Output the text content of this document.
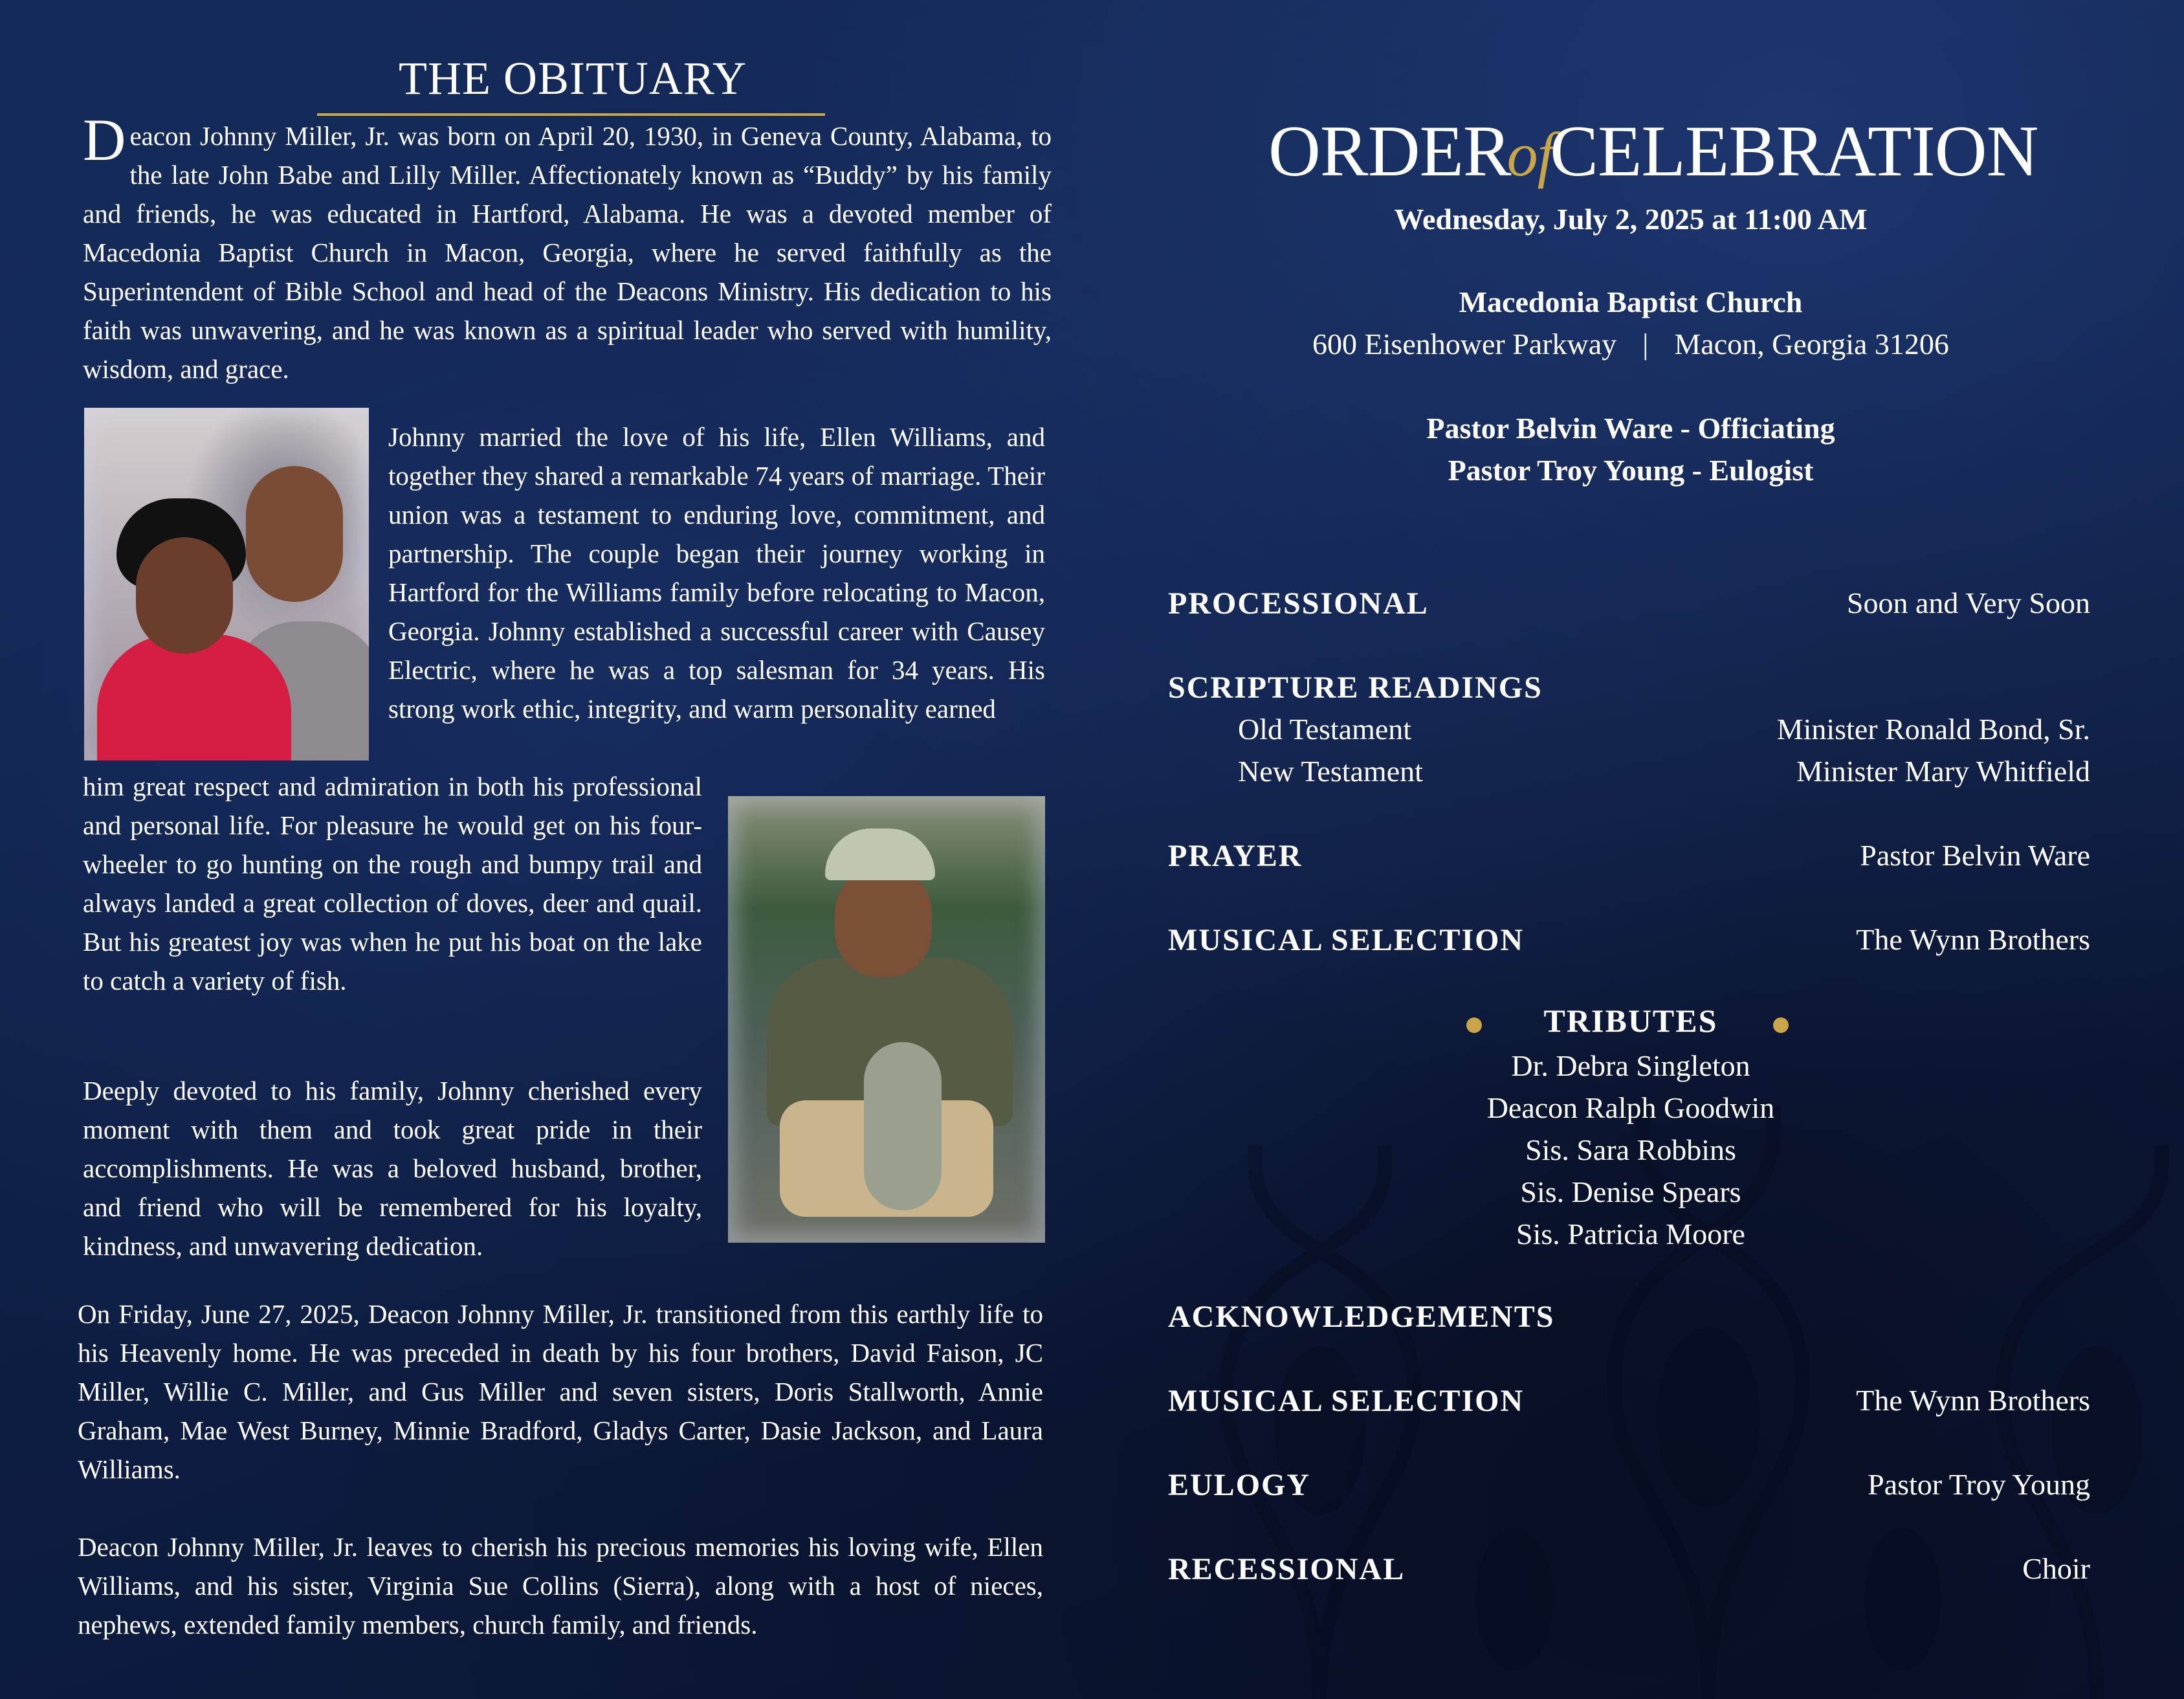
THE OBITUARY

Deacon Johnny Miller, Jr. was born on April 20, 1930, in Geneva County, Alabama, to the late John Babe and Lilly Miller. Affectionately known as “Buddy” by his family and friends, he was educated in Hartford, Alabama. He was a devoted member of Macedonia Baptist Church in Macon, Georgia, where he served faithfully as the Superintendent of Bible School and head of the Deacons Ministry. His dedication to his faith was unwavering, and he was known as a spiritual leader who served with humility, wisdom, and grace.

Johnny married the love of his life, Ellen Williams, and together they shared a remarkable 74 years of marriage. Their union was a testament to enduring love, commitment, and partnership. The couple began their journey working in Hartford for the Williams family before relocating to Macon, Georgia. Johnny established a successful career with Causey Electric, where he was a top salesman for 34 years. His strong work ethic, integrity, and warm personality earned

him great respect and admiration in both his professional and personal life. For pleasure he would get on his four-wheeler to go hunting on the rough and bumpy trail and always landed a great collection of doves, deer and quail. But his greatest joy was when he put his boat on the lake to catch a variety of fish.

Deeply devoted to his family, Johnny cherished every moment with them and took great pride in their accomplishments. He was a beloved husband, brother, and friend who will be remembered for his loyalty, kindness, and unwavering dedication.

On Friday, June 27, 2025, Deacon Johnny Miller, Jr. transitioned from this earthly life to his Heavenly home. He was preceded in death by his four brothers, David Faison, JC Miller, Willie C. Miller, and Gus Miller and seven sisters, Doris Stallworth, Annie Graham, Mae West Burney, Minnie Bradford, Gladys Carter, Dasie Jackson, and Laura Williams.

Deacon Johnny Miller, Jr. leaves to cherish his precious memories his loving wife, Ellen Williams, and his sister, Virginia Sue Collins (Sierra), along with a host of nieces, nephews, extended family members, church family, and friends.

ORDERofCELEBRATION
Wednesday, July 2, 2025 at 11:00 AM
Macedonia Baptist Church
600 Eisenhower Parkway | Macon, Georgia 31206
Pastor Belvin Ware - Officiating
Pastor Troy Young - Eulogist
PROCESSIONAL	Soon and Very Soon
SCRIPTURE READINGS
Old Testament	Minister Ronald Bond, Sr.
New Testament	Minister Mary Whitfield
PRAYER	Pastor Belvin Ware
MUSICAL SELECTION	The Wynn Brothers
TRIBUTES
Dr. Debra Singleton
Deacon Ralph Goodwin
Sis. Sara Robbins
Sis. Denise Spears
Sis. Patricia Moore
ACKNOWLEDGEMENTS
MUSICAL SELECTION	The Wynn Brothers
EULOGY	Pastor Troy Young
RECESSIONAL	Choir
